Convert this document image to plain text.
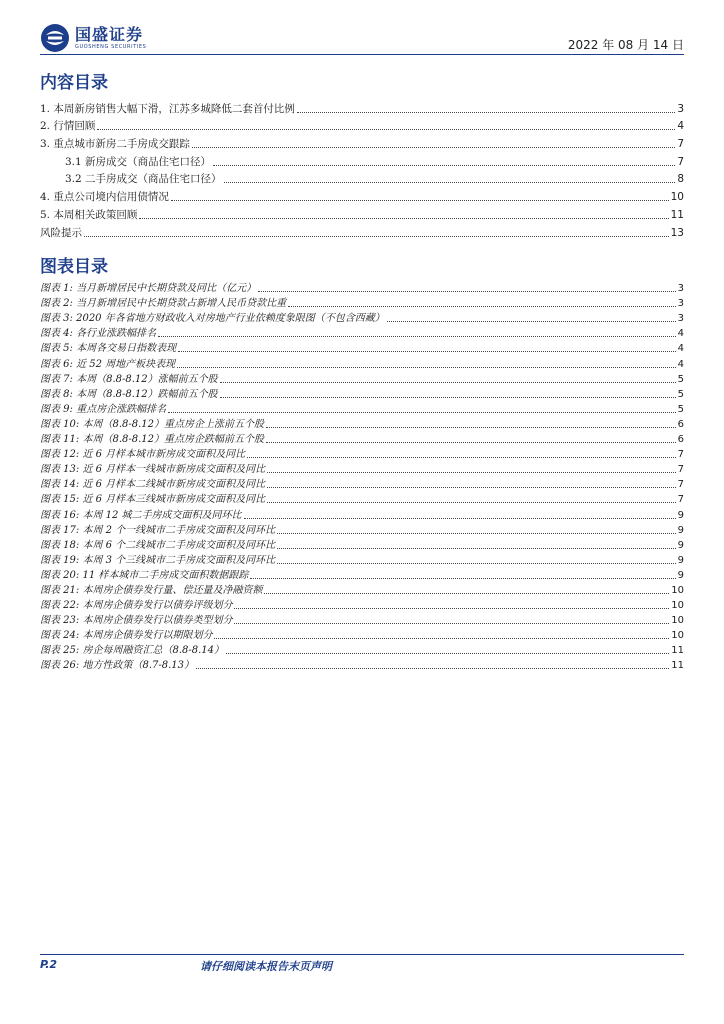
国盛证券
GUOSHENG SECURITIES	2022 年 08 月 14 日
内容目录
1. 本周新房销售大幅下滑，江苏多城降低二套首付比例	3
2. 行情回顾	4
3. 重点城市新房二手房成交跟踪	7
3.1 新房成交（商品住宅口径）	7
3.2 二手房成交（商品住宅口径）	8
4. 重点公司境内信用债情况	10
5. 本周相关政策回顾	11
风险提示	13
图表目录
图表 1: 当月新增居民中长期贷款及同比（亿元）	3
图表 2: 当月新增居民中长期贷款占新增人民币贷款比重	3
图表 3: 2020 年各省地方财政收入对房地产行业依赖度象限图（不包含西藏）	3
图表 4: 各行业涨跌幅排名	4
图表 5: 本周各交易日指数表现	4
图表 6: 近 52 周地产板块表现	4
图表 7: 本周（8.8-8.12）涨幅前五个股	5
图表 8: 本周（8.8-8.12）跌幅前五个股	5
图表 9: 重点房企涨跌幅排名	5
图表 10: 本周（8.8-8.12）重点房企上涨前五个股	6
图表 11: 本周（8.8-8.12）重点房企跌幅前五个股	6
图表 12: 近 6 月样本城市新房成交面积及同比	7
图表 13: 近 6 月样本一线城市新房成交面积及同比	7
图表 14: 近 6 月样本二线城市新房成交面积及同比	7
图表 15: 近 6 月样本三线城市新房成交面积及同比	7
图表 16: 本周 12 城二手房成交面积及同环比	9
图表 17: 本周 2 个一线城市二手房成交面积及同环比	9
图表 18: 本周 6 个二线城市二手房成交面积及同环比	9
图表 19: 本周 3 个三线城市二手房成交面积及同环比	9
图表 20: 11 样本城市二手房成交面积数据跟踪	9
图表 21: 本周房企债券发行量、偿还量及净融资额	10
图表 22: 本周房企债券发行以债券评级划分	10
图表 23: 本周房企债券发行以债券类型划分	10
图表 24: 本周房企债券发行以期限划分	10
图表 25: 房企每周融资汇总（8.8-8.14）	11
图表 26: 地方性政策（8.7-8.13）	11
P.2	请仔细阅读本报告末页声明
